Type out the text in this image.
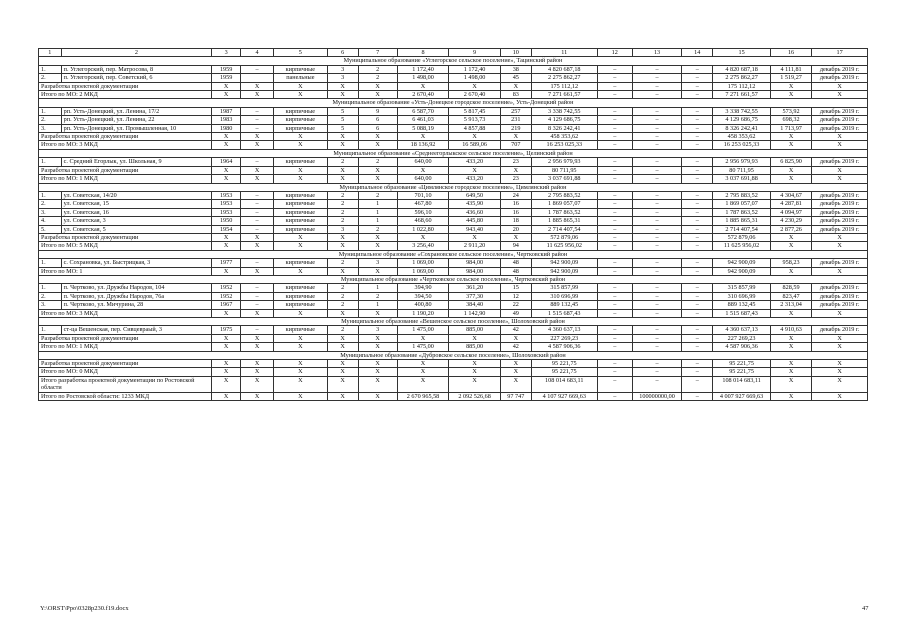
1	2	3	4	5	6	7	8	9	10	11	12	13	14	15	16	17
Муниципальное образование «Углегорское сельское поселение», Тацинский район																
1.	п. Углегорский, пер. Матросова, 8	1959	–	кирпичные	3	2	1 172,40	1 172,40	38	4 820 687,18	–	–	–	4 820 687,18	4 111,81	декабрь 2019 г.
2.	п. Углегорский, пер. Советский, 6	1959		панельные	3	2	1 498,00	1 498,00	45	2 275 862,27	–	–	–	2 275 862,27	1 519,27	декабрь 2019 г.
Разработка проектной документации		X	X	X	X	X	X	X	X	175 112,12	–	–	–	175 112,12	X	X
Итого по МО: 2 МКД		X	X	X	X	X	2 670,40	2 670,40	83	7 271 661,57	–	–	–	7 271 661,57	X	X
Муниципальное образование «Усть-Донецкое городское поселение», Усть-Донецкий район																
1.	рп. Усть-Донецкий, ул. Ленина, 17/2	1987	–	кирпичные	5	9	6 587,70	5 817,45	257	3 338 742,55	–	–	–	3 338 742,55	573,92	декабрь 2019 г.
2.	рп. Усть-Донецкий, ул. Ленина, 22	1983	–	кирпичные	5	6	6 461,03	5 913,73	231	4 129 686,75	–	–	–	4 129 686,75	698,32	декабрь 2019 г.
3.	рп. Усть-Донецкий, ул. Промышленная, 10	1980	–	кирпичные	5	6	5 088,19	4 857,88	219	8 326 242,41	–	–	–	8 326 242,41	1 713,97	декабрь 2019 г.
Разработка проектной документации		X	X	X	X	X	X	X	X	458 353,62	–	–	–	458 353,62	X	X
Итого по МО: 3 МКД		X	X	X	X	X	18 136,92	16 589,06	707	16 253 025,33	–	–	–	16 253 025,33	X	X
Муниципальное образование «Среднеегорлыкское сельское поселение», Целинский район																
1.	с. Средний Егорлык, ул. Школьная, 9	1964	–	кирпичные	2	2	640,00	433,20	23	2 956 979,93	–	–	–	2 956 979,93	6 825,90	декабрь 2019 г.
Разработка проектной документации		X	X	X	X	X	X	X	X	80 711,95	–	–	–	80 711,95	X	X
Итого по МО: 1 МКД		X	X	X	X	X	640,00	433,20	23	3 037 691,88	–	–	–	3 037 691,88	X	X
Муниципальное образование «Цимлянское городское поселение», Цимлянский район																
1.	ул. Советская, 14/20	1953	–	кирпичные	2	2	701,10	649,50	24	2 795 883,52	–	–	–	2 795 883,52	4 304,67	декабрь 2019 г.
2.	ул. Советская, 15	1953	–	кирпичные	2	1	467,80	435,90	16	1 869 057,07	–	–	–	1 869 057,07	4 287,81	декабрь 2019 г.
3.	ул. Советская, 16	1953	–	кирпичные	2	1	596,10	436,60	16	1 787 863,52	–	–	–	1 787 863,52	4 094,97	декабрь 2019 г.
4.	ул. Советская, 3	1950	–	кирпичные	2	1	468,60	445,80	18	1 885 865,31	–	–	–	1 885 865,31	4 230,29	декабрь 2019 г.
5.	ул. Советская, 5	1954	–	кирпичные	3	2	1 022,80	943,40	20	2 714 407,54	–	–	–	2 714 407,54	2 877,26	декабрь 2019 г.
Разработка проектной документации		X	X	X	X	X	X	X	X	572 879,06	–	–	–	572 879,06	X	X
Итого по МО: 5 МКД		X	X	X	X	X	3 256,40	2 911,20	94	11 625 956,02	–	–	–	11 625 956,02	X	X
Муниципальное образование «Сохрановское сельское поселение», Чертковский район																
1.	с. Сохрановка, ул. Быстрицкая, 3	1977	–	кирпичные	2	3	1 069,00	984,00	48	942 900,09	–	–	–	942 900,09	958,23	декабрь 2019 г.
Итого по МО: 1		X	X	X	X	X	1 069,00	984,00	48	942 900,09	–	–	–	942 900,09	X	X
Муниципальное образование «Чертковское сельское поселение», Чертковский район																
1.	п. Чертково, ул. Дружбы Народов, 104	1952	–	кирпичные	2	1	394,90	361,20	15	315 857,99	–	–	–	315 857,99	828,59	декабрь 2019 г.
2.	п. Чертково, ул. Дружбы Народов, 76а	1952	–	кирпичные	2	2	394,50	377,30	12	310 696,99	–	–	–	310 696,99	823,47	декабрь 2019 г.
3.	п. Чертково, ул. Мичурина, 28	1967	–	кирпичные	2	1	400,80	384,40	22	889 132,45	–	–	–	889 132,45	2 313,04	декабрь 2019 г.
Итого по МО: 3 МКД		X	X	X	X	X	1 190,20	1 142,90	49	1 515 687,43	–	–	–	1 515 687,43	X	X
Муниципальное образование «Вешенское сельское поселение», Шолоховский район																
1.	ст-ца Вешенская, пер. Сивцевраый, 3	1975	–	кирпичные	2	3	1 475,00	885,00	42	4 360 637,13	–	–	–	4 360 637,13	4 910,63	декабрь 2019 г.
Разработка проектной документации		X	X	X	X	X	X	X	X	227 269,23	–	–	–	227 269,23	X	X
Итого по МО: 1 МКД		X	X	X	X	X	1 475,00	885,00	42	4 587 906,36	–	–	–	4 587 906,36	X	X
Муниципальное образование «Дубровское сельское поселение», Шолоховский район																
Разработка проектной документации		X	X	X	X	X	X	X	X	95 221,75	–	–	–	95 221,75	X	X
Итого по МО: 0 МКД		X	X	X	X	X	X	X	X	95 221,75	–	–	–	95 221,75	X	X
Итого разработка проектной документации по Ростовской области		X	X	X	X	X	X	X	X	108 014 683,11	–	–	–	108 014 683,11	X	X
Итого по Ростовской области: 1233 МКД		X	X	X	X	X	2 670 965,58	2 092 526,68	97 747	4 107 927 669,63	–	100000000,00	–	4 007 927 669,63	X	X
Y:\ORST\Ppo\0328p230.f19.docx	47
